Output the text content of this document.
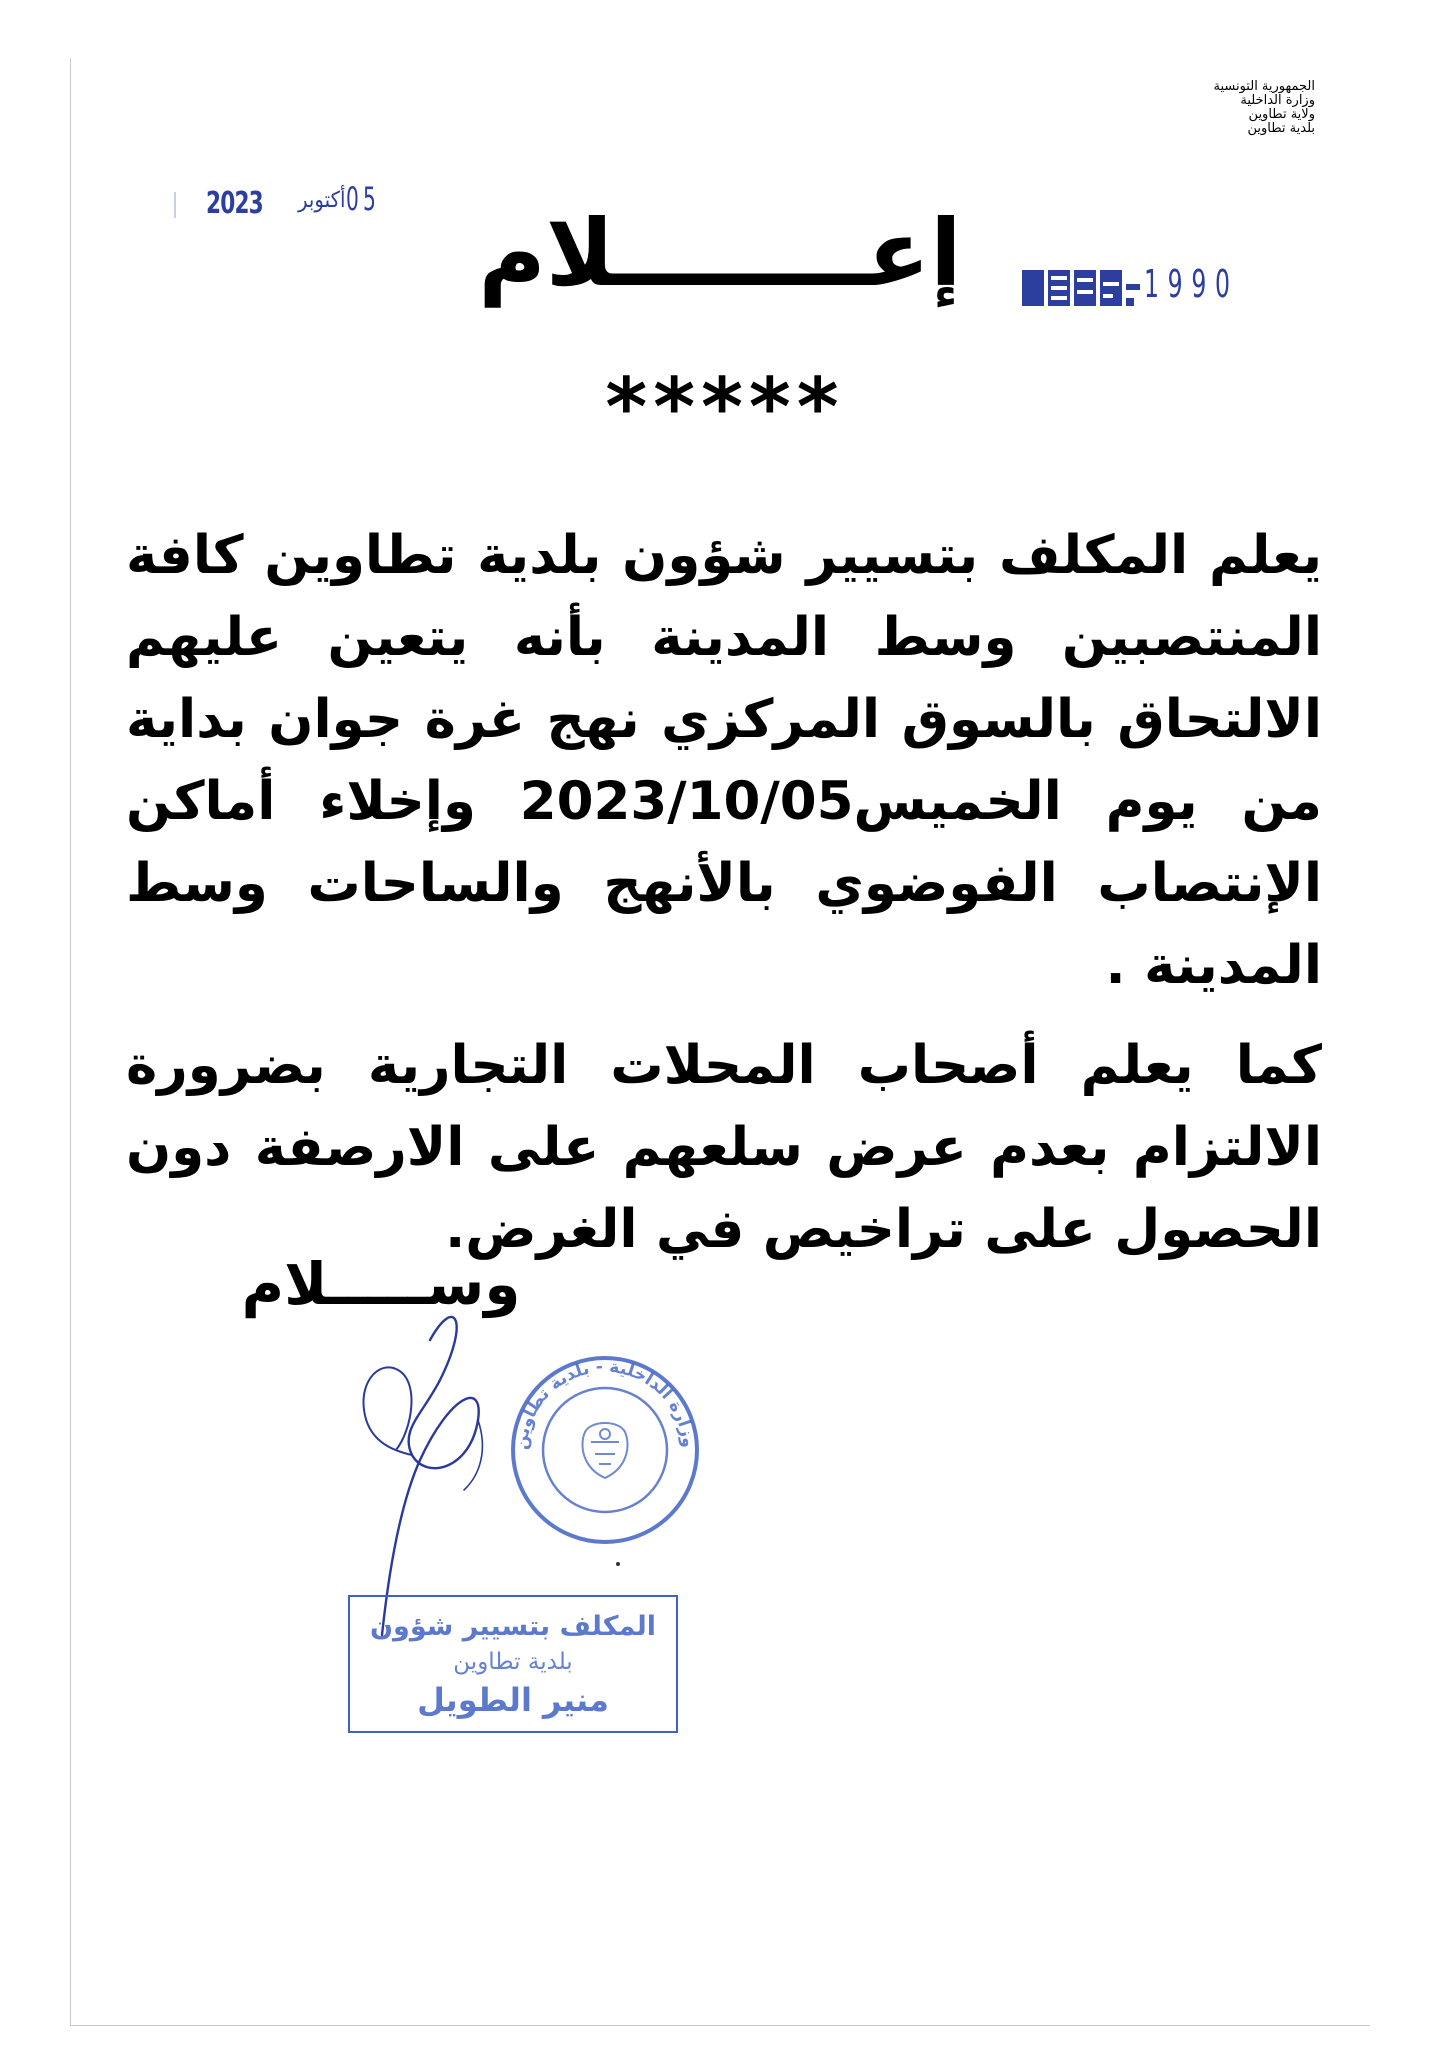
الجمهورية التونسية
وزارة الداخلية
ولاية تطاوين
بلدية تطاوين
2023 أكتوبر 05
1990
إعــــــــلام
*****

يعلم المكلف بتسيير شؤون بلدية تطاوين كافة المنتصبين وسط المدينة بأنه يتعين عليهم الالتحاق بالسوق المركزي نهج غرة جوان بداية من يوم الخميس2023/10/05 وإخلاء أماكن الإنتصاب الفوضوي بالأنهج والساحات وسط المدينة .

كما يعلم أصحاب المحلات التجارية بضرورة الالتزام بعدم عرض سلعهم على الارصفة دون الحصول على تراخيص في الغرض.

وســـــلام
وزارة الداخلية - بلدية تطاوين
المكلف بتسيير شؤون
بلدية تطاوين
منير الطويل
